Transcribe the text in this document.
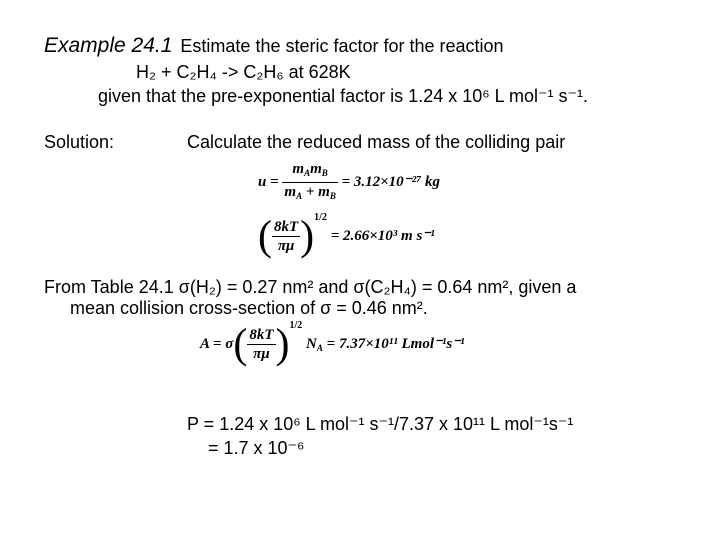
Example 24.1 Estimate the steric factor for the reaction
H₂ + C₂H₄ -> C₂H₆ at 628K
given that the pre-exponential factor is 1.24 x 10⁶ L mol⁻¹ s⁻¹.
Solution:	Calculate the reduced mass of the colliding pair
$u = \frac{m_Am_B}{m_A + m_B} = 3.12\times 10^{-27}$ kg
( $\frac{8kT}{\pi\mu} )^{1/2} = 2.66\times 10^3$ m s⁻¹
From Table 24.1 σ(H₂) = 0.27 nm² and σ(C₂H₄) = 0.64 nm², given a
mean collision cross-section of σ = 0.46 nm².
$A = \sigma( \frac{8kT}{\pi\mu} )^{1/2}$ $N_A = 7.37\times 10^{11}$ Lmol⁻¹s⁻¹
P = 1.24 x 10⁶ L mol⁻¹ s⁻¹/7.37 x 10¹¹ L mol⁻¹s⁻¹
= 1.7 x 10⁻⁶
